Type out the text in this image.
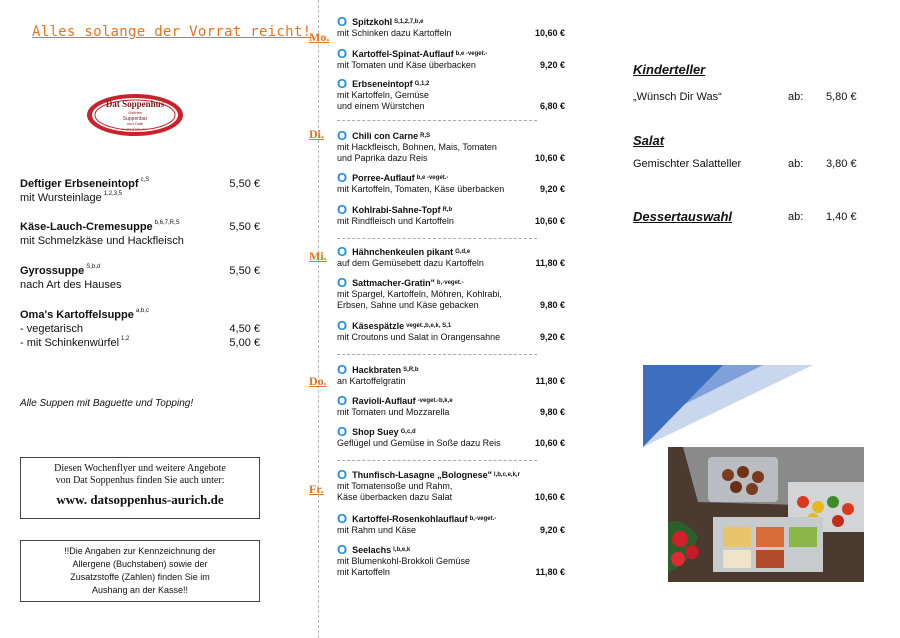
Alles solange der Vorrat reicht!
Dat Soppenhus
Ostfries
Suppenbar
und Café
to gast & hele dear
Deftiger Erbseneintopf $^{c,S}$	5,50 €
mit Wursteinlage $^{1,2,3,5}$
Käse-Lauch-Cremesuppe $^{b,6,7,R,S}$	5,50 €
mit Schmelzkäse und Hackfleisch
Gyrossuppe $^{S,b,d}$	5,50 €
nach Art des Hauses
Oma's Kartoffelsuppe $^{a,b,c}$
- vegetarisch	4,50 €
- mit Schinkenwürfel $^{1,2}$	5,00 €
Alle Suppen mit Baguette und Topping!
Diesen Wochenflyer und weitere Angebote
von Dat Soppenhus finden Sie auch unter:
www. datsoppenhus-aurich.de
!!Die Angaben zur Kennzeichnung der
Allergene (Buchstaben) sowie der
Zusatzstoffe (Zahlen) finden Sie im
Aushang an der Kasse!!
Mo.
Di.
Mi.
Do.
Fr.
O Spitzkohl S,1,2,7,b,e
mit Schinken dazu Kartoffeln	10,60 €
O Kartoffel-Spinat-Auflauf b,e -veget.-
mit Tomaten und Käse überbacken	9,20 €
O Erbseneintopf G,1,2
mit Kartoffeln, Gemüse
und einem Würstchen	6,80 €
O Chili con Carne R,S
mit Hackfleisch, Bohnen, Mais, Tomaten
und Paprika dazu Reis	10,60 €
O Porree-Auflauf b,e -veget.-
mit Kartoffeln, Tomaten, Käse überbacken	9,20 €
O Kohlrabi-Sahne-Topf R,b
mit Rindfleisch und Kartoffeln	10,60 €
O Hähnchenkeulen pikant G,d,e
auf dem Gemüsebett dazu Kartoffeln	11,80 €
O Sattmacher-Gratin" b,-veget.-
mit Spargel, Kartoffeln, Möhren, Kohlrabi,
Erbsen, Sahne und Käse gebacken	9,80 €
O Käsespätzle veget.,b,e,k, S,1
mit Croutons und Salat in Orangensahne	9,20 €
O Hackbraten S,R,b
an Kartoffelgratin	11,80 €
O Ravioli-Auflauf -veget.-b,k,e
mit Tomaten und Mozzarella	9,80 €
O Shop Suey G,c,d
Geflügel und Gemüse in Soße dazu Reis	10,60 €
O Thunfisch-Lasagne „Bolognese" l,b,c,e,k,r
mit Tomatensoße und Rahm,
Käse überbacken dazu Salat	10,60 €
O Kartoffel-Rosenkohlauflauf b,-veget.-
mit Rahm und Käse	9,20 €
O Seelachs l,b,e,k
mit Blumenkohl-Brokkoli Gemüse
mit Kartoffeln	11,80 €
Kinderteller
„Wünsch Dir Was“	ab: 5,80 €
Salat
Gemischter Salatteller	ab: 3,80 €
Dessertauswahl	ab: 1,40 €
